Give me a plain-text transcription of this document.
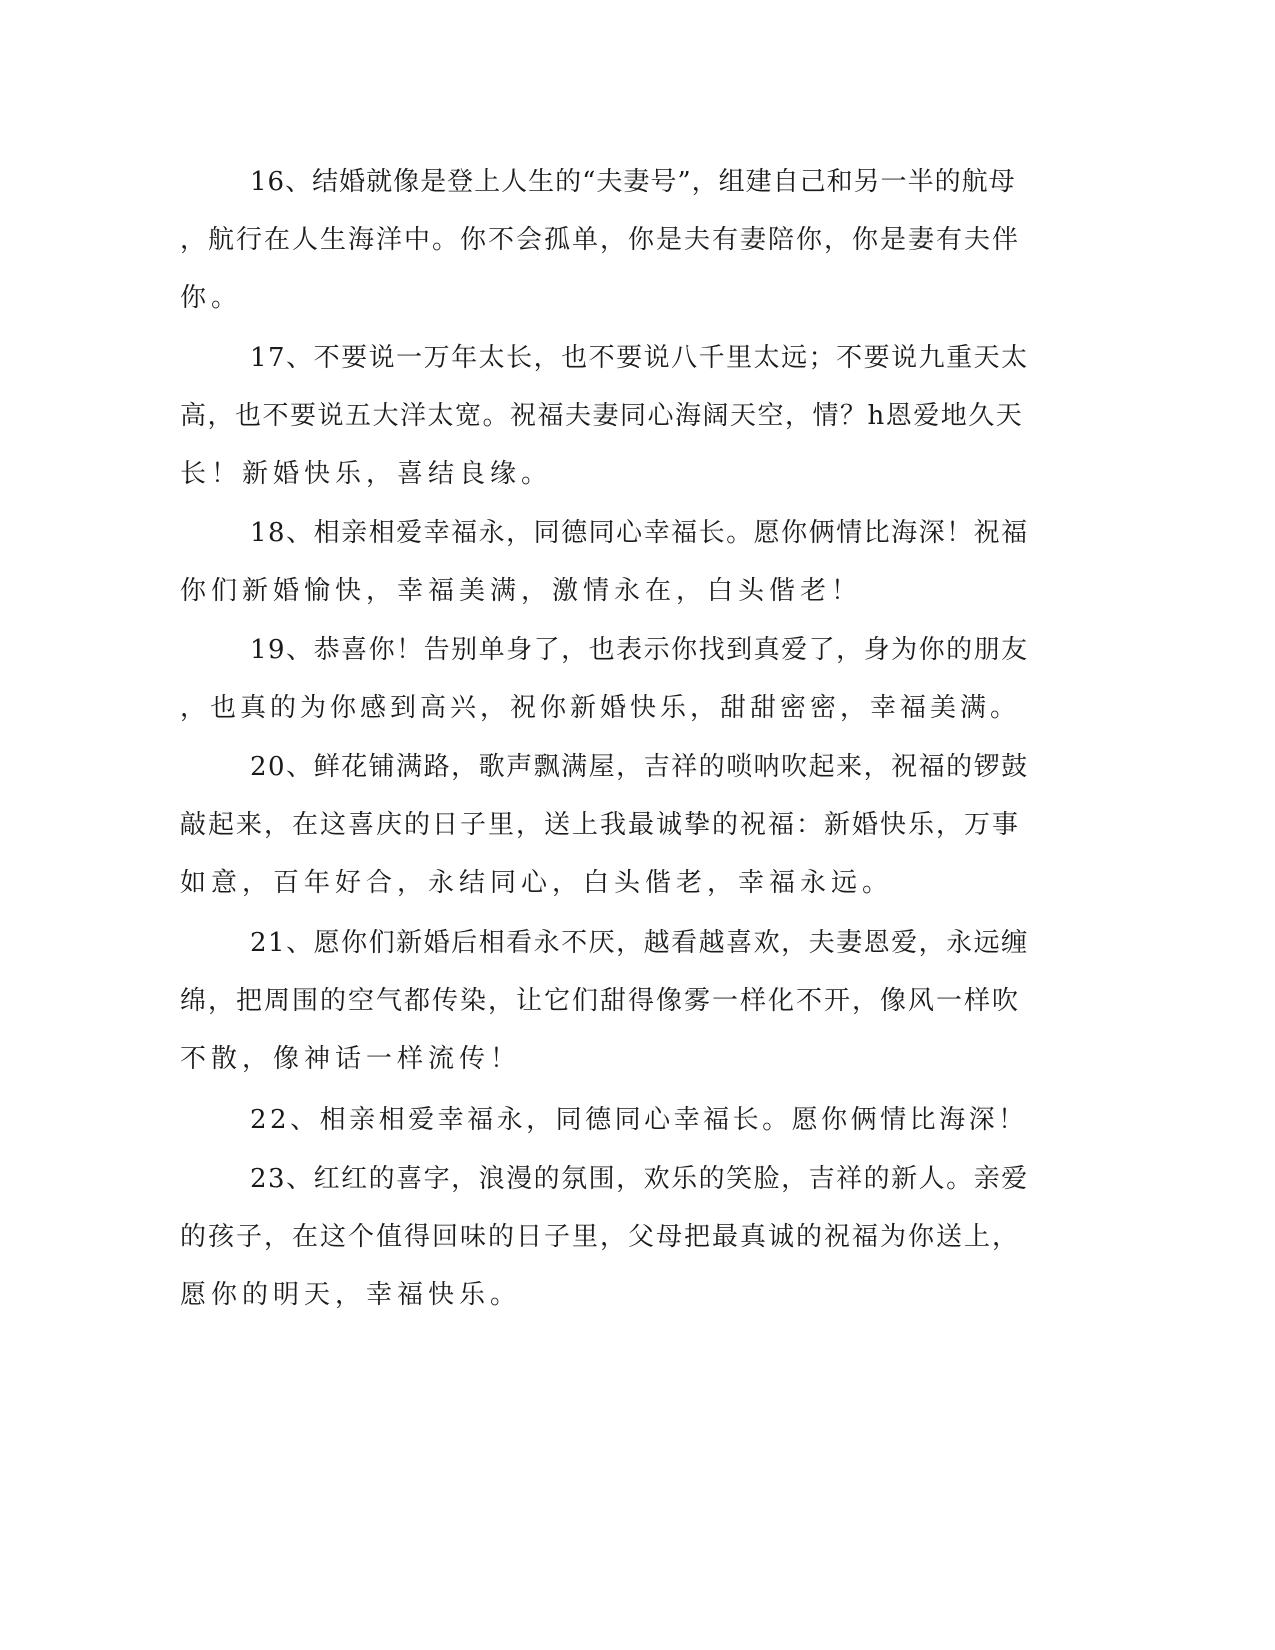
16、结婚就像是登上人生的“夫妻号”，组建自己和另一半的航母

，航行在人生海洋中。你不会孤单，你是夫有妻陪你，你是妻有夫伴

你。

17、不要说一万年太长，也不要说八千里太远；不要说九重天太

高，也不要说五大洋太宽。祝福夫妻同心海阔天空，情？h恩爱地久天

长！新婚快乐，喜结良缘。

18、相亲相爱幸福永，同德同心幸福长。愿你俩情比海深！祝福

你们新婚愉快，幸福美满，激情永在，白头偕老！

19、恭喜你！告别单身了，也表示你找到真爱了，身为你的朋友

，也真的为你感到高兴，祝你新婚快乐，甜甜密密，幸福美满。

20、鲜花铺满路，歌声飘满屋，吉祥的唢呐吹起来，祝福的锣鼓

敲起来，在这喜庆的日子里，送上我最诚挚的祝福：新婚快乐，万事

如意，百年好合，永结同心，白头偕老，幸福永远。

21、愿你们新婚后相看永不厌，越看越喜欢，夫妻恩爱，永远缠

绵，把周围的空气都传染，让它们甜得像雾一样化不开，像风一样吹

不散，像神话一样流传！

22、相亲相爱幸福永，同德同心幸福长。愿你俩情比海深！

23、红红的喜字，浪漫的氛围，欢乐的笑脸，吉祥的新人。亲爱

的孩子，在这个值得回味的日子里，父母把最真诚的祝福为你送上，

愿你的明天，幸福快乐。
